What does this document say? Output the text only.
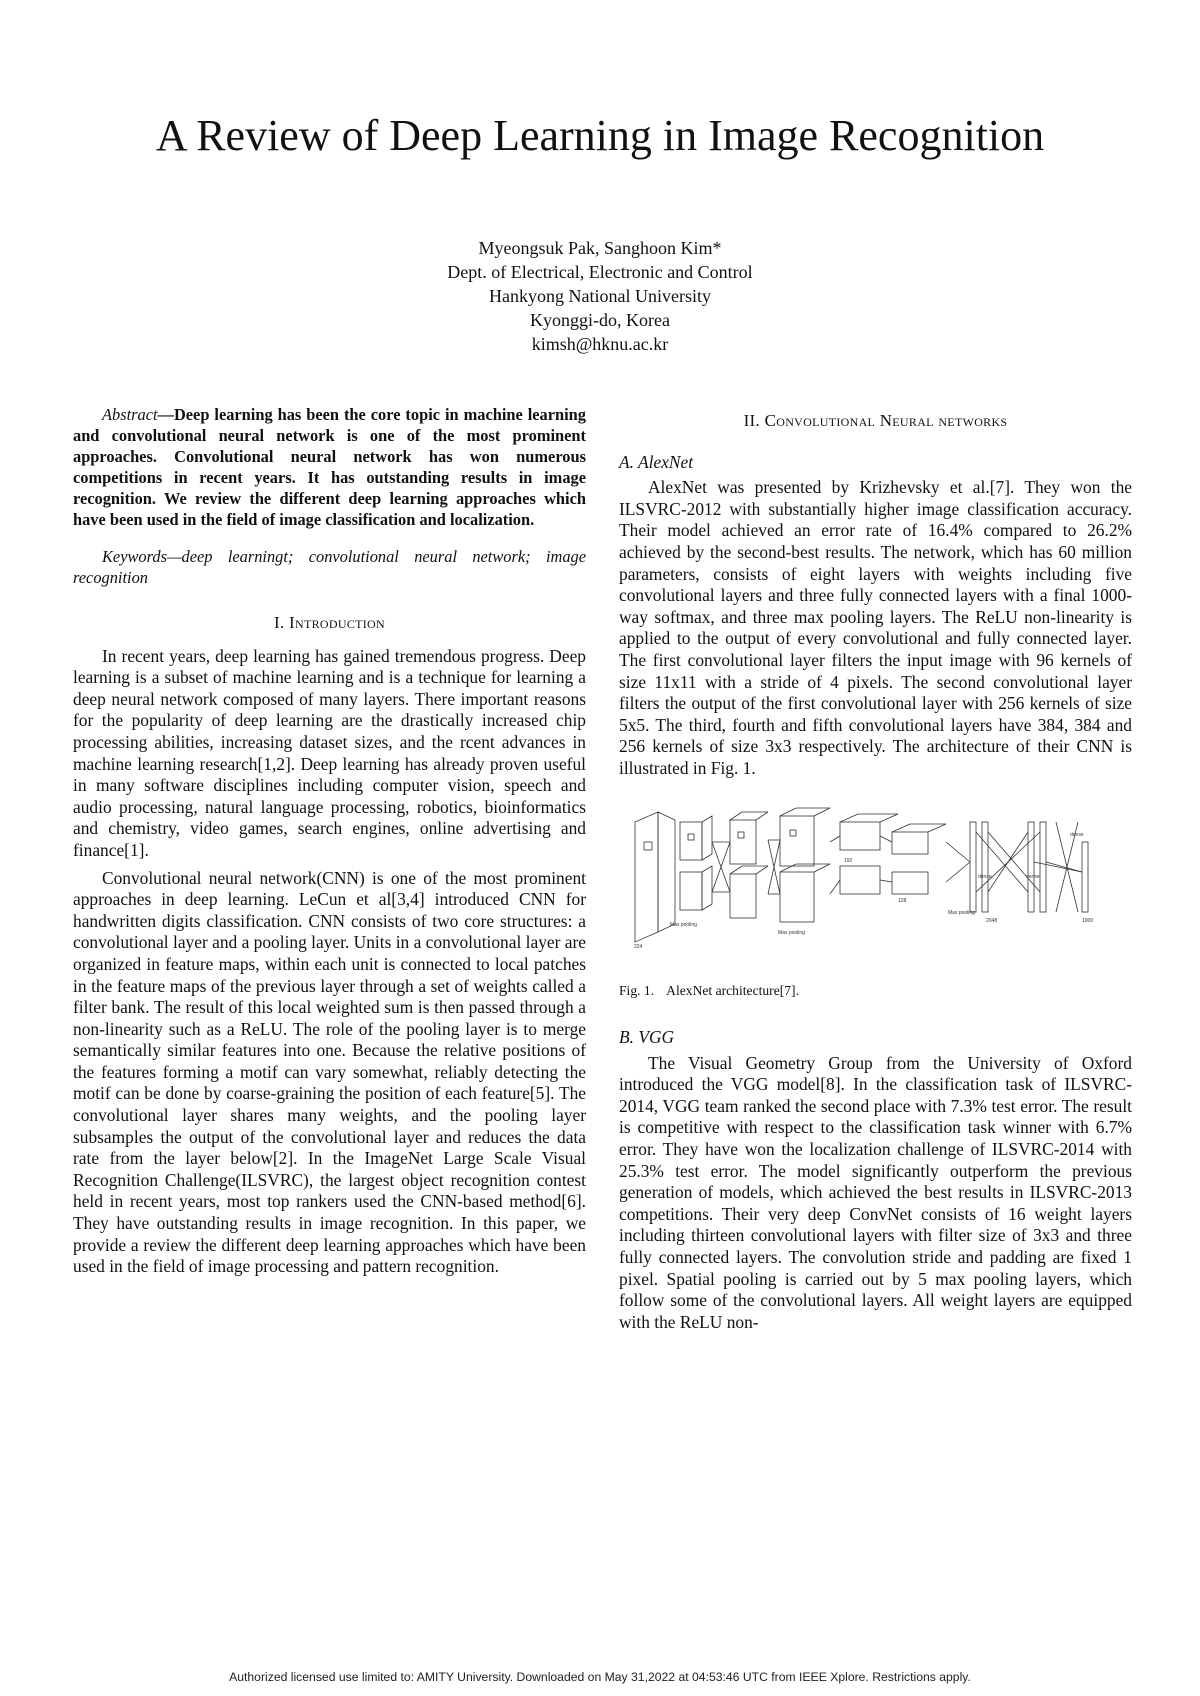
A Review of Deep Learning in Image Recognition
Myeongsuk Pak, Sanghoon Kim*
Dept. of Electrical, Electronic and Control
Hankyong National University
Kyonggi-do, Korea
kimsh@hknu.ac.kr

Abstract—Deep learning has been the core topic in machine learning and convolutional neural network is one of the most prominent approaches. Convolutional neural network has won numerous competitions in recent years. It has outstanding results in image recognition. We review the different deep learning approaches which have been used in the field of image classification and localization.

Keywords—deep learningt; convolutional neural network; image recognition

I. Introduction

In recent years, deep learning has gained tremendous progress. Deep learning is a subset of machine learning and is a technique for learning a deep neural network composed of many layers. There important reasons for the popularity of deep learning are the drastically increased chip processing abilities, increasing dataset sizes, and the rcent advances in machine learning research[1,2]. Deep learning has already proven useful in many software disciplines including computer vision, speech and audio processing, natural language processing, robotics, bioinformatics and chemistry, video games, search engines, online advertising and finance[1].

Convolutional neural network(CNN) is one of the most prominent approaches in deep learning. LeCun et al[3,4] introduced CNN for handwritten digits classification. CNN consists of two core structures: a convolutional layer and a pooling layer. Units in a convolutional layer are organized in feature maps, within each unit is connected to local patches in the feature maps of the previous layer through a set of weights called a filter bank. The result of this local weighted sum is then passed through a non-linearity such as a ReLU. The role of the pooling layer is to merge semantically similar features into one. Because the relative positions of the features forming a motif can vary somewhat, reliably detecting the motif can be done by coarse-graining the position of each feature[5]. The convolutional layer shares many weights, and the pooling layer subsamples the output of the convolutional layer and reduces the data rate from the layer below[2]. In the ImageNet Large Scale Visual Recognition Challenge(ILSVRC), the largest object recognition contest held in recent years, most top rankers used the CNN-based method[6]. They have outstanding results in image recognition. In this paper, we provide a review the different deep learning approaches which have been used in the field of image processing and pattern recognition.

II. Convolutional Neural networks
A. AlexNet

AlexNet was presented by Krizhevsky et al.[7]. They won the ILSVRC-2012 with substantially higher image classification accuracy. Their model achieved an error rate of 16.4% compared to 26.2% achieved by the second-best results. The network, which has 60 million parameters, consists of eight layers with weights including five convolutional layers and three fully connected layers with a final 1000-way softmax, and three max pooling layers. The ReLU non-linearity is applied to the output of every convolutional and fully connected layer. The first convolutional layer filters the input image with 96 kernels of size 11x11 with a stride of 4 pixels. The second convolutional layer filters the output of the first convolutional layer with 256 kernels of size 5x5. The third, fourth and fifth convolutional layers have 384, 384 and 256 kernels of size 3x3 respectively. The architecture of their CNN is illustrated in Fig. 1.

Max pooling
Max pooling
Max pooling
dense	dense
dense
192
128
2048	1000
224
Fig. 1. AlexNet architecture[7].
B. VGG

The Visual Geometry Group from the University of Oxford introduced the VGG model[8]. In the classification task of ILSVRC-2014, VGG team ranked the second place with 7.3% test error. The result is competitive with respect to the classification task winner with 6.7% error. They have won the localization challenge of ILSVRC-2014 with 25.3% test error. The model significantly outperform the previous generation of models, which achieved the best results in ILSVRC-2013 competitions. Their very deep ConvNet consists of 16 weight layers including thirteen convolutional layers with filter size of 3x3 and three fully connected layers. The convolution stride and padding are fixed 1 pixel. Spatial pooling is carried out by 5 max pooling layers, which follow some of the convolutional layers. All weight layers are equipped with the ReLU non-

Authorized licensed use limited to: AMITY University. Downloaded on May 31,2022 at 04:53:46 UTC from IEEE Xplore. Restrictions apply.
